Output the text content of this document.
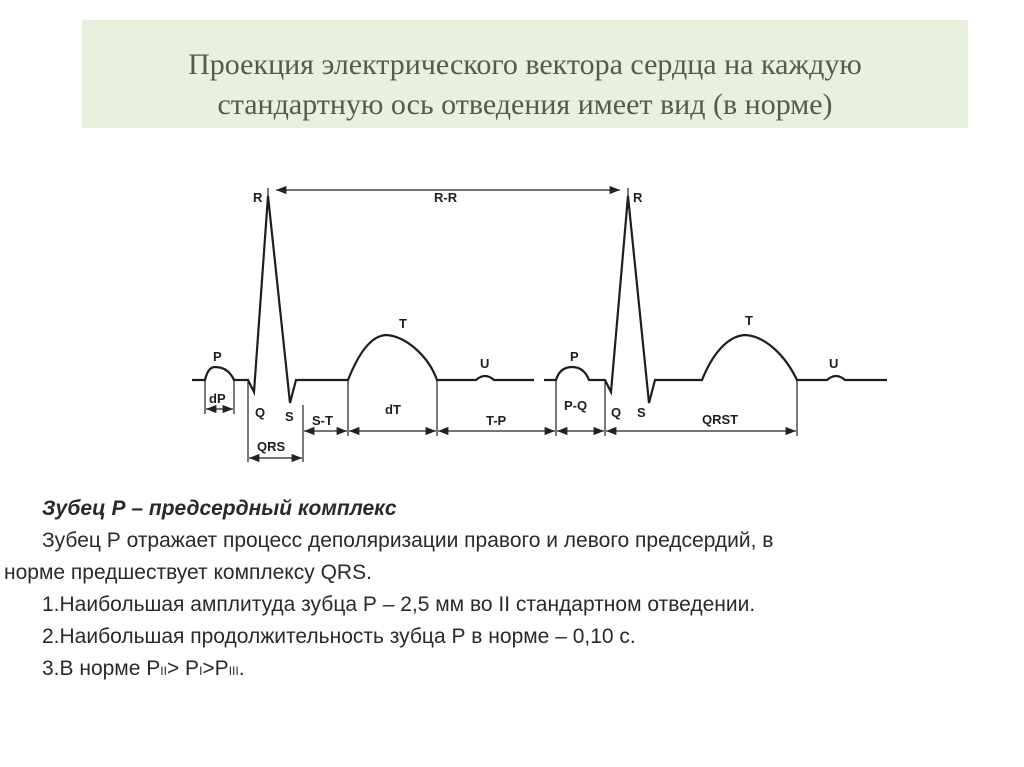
Проекция электрического вектора сердца на каждую
стандартную ось отведения имеет вид (в норме)
R	R
R-R
P	P
T	T
U	U
Q S	Q S
dP
QRS
S-T
dT
T-P
P-Q
QRST

Зубец Р – предсердный комплекс

Зубец Р отражает процесс деполяризации правого и левого предсердий, в

норме предшествует комплексу QRS.

1.Наибольшая амплитуда зубца Р – 2,5 мм во II стандартном отведении.

2.Наибольшая продолжительность зубца Р в норме – 0,10 с.

3.В норме РII> РI>РIII.
